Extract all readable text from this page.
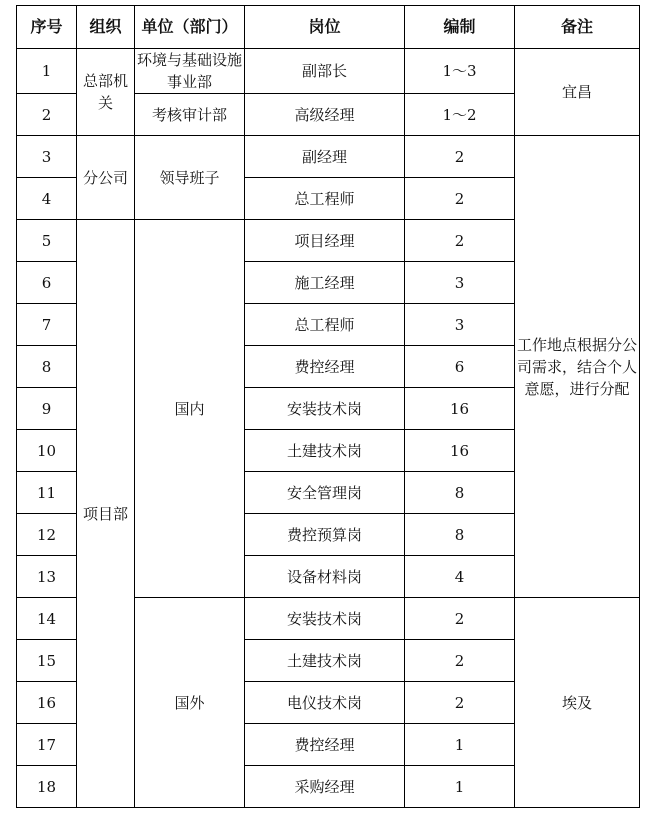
序号	组织	单位（部门）	岗位	编制	备注
1	总部机关	环境与基础设施事业部	副部长	1～3	宜昌
2		考核审计部	高级经理	1～2	
3	分公司	领导班子	副经理	2	工作地点根据分公司需求，结合个人意愿，进行分配
4			总工程师	2	
5	项目部	国内	项目经理	2	
6			施工经理	3	
7			总工程师	3	
8			费控经理	6	
9			安装技术岗	16	
10			土建技术岗	16	
11			安全管理岗	8	
12			费控预算岗	8	
13			设备材料岗	4	
14		国外	安装技术岗	2	埃及
15			土建技术岗	2	
16			电仪技术岗	2	
17			费控经理	1	
18			采购经理	1	
